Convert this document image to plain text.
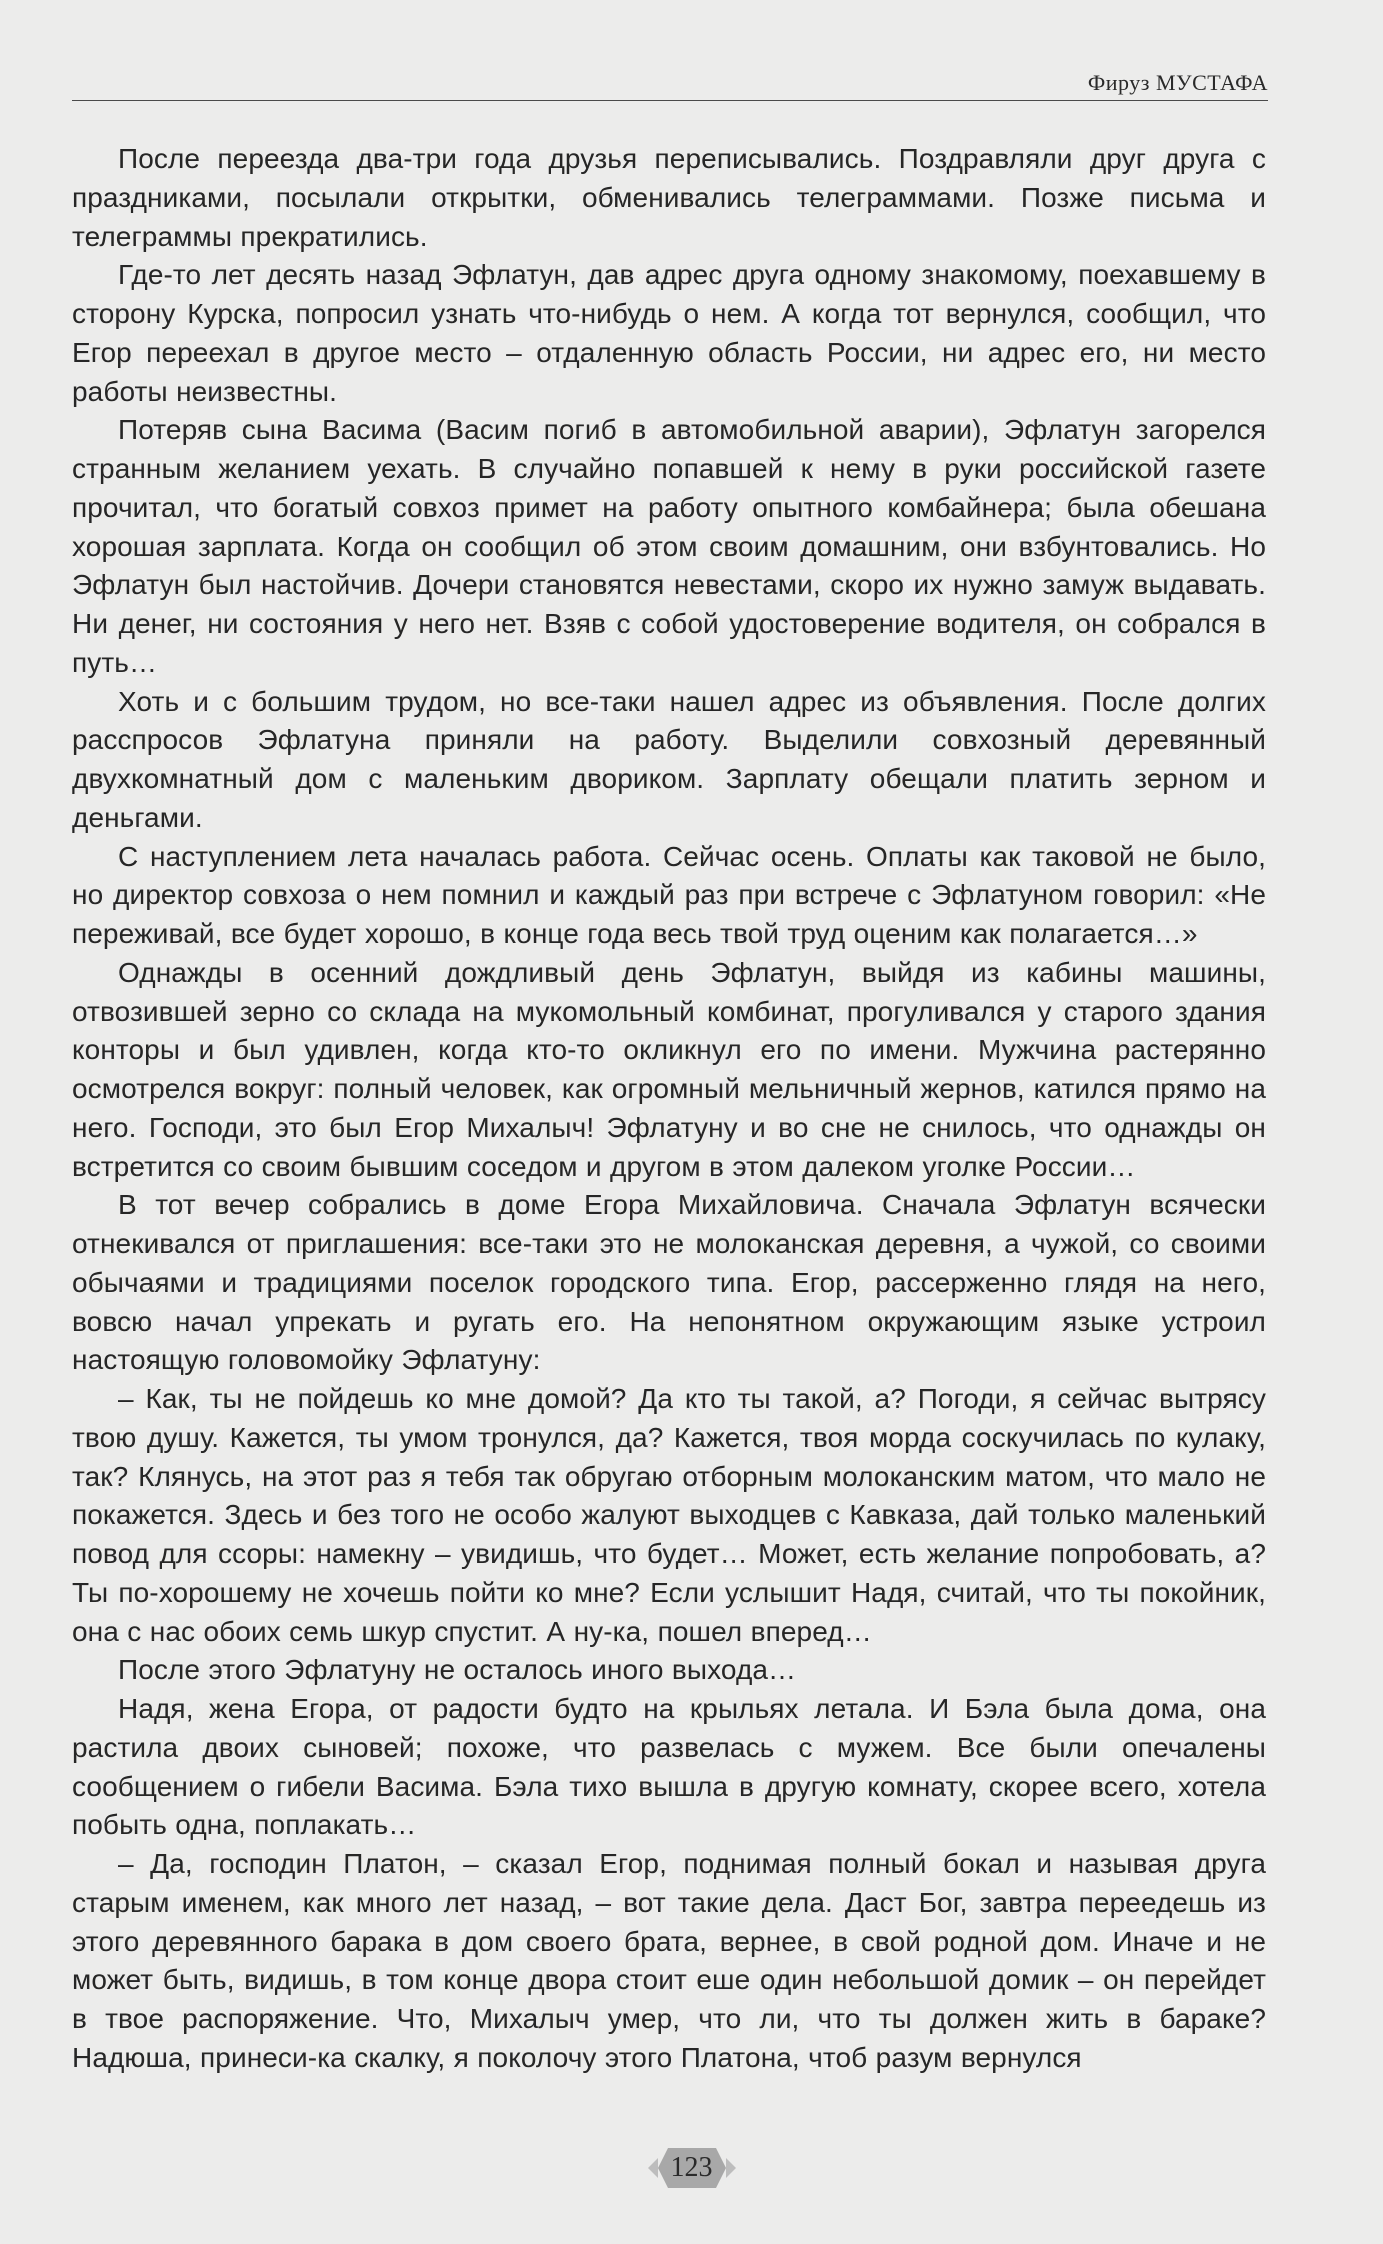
Фируз МУСТАФА

После переезда два-три года друзья переписывались. Поздравляли друг друга с праздниками, посылали открытки, обменивались телеграммами. Позже письма и телеграммы прекратились.

Где-то лет десять назад Эфлатун, дав адрес друга одному знакомому, поехавшему в сторону Курска, попросил узнать что-нибудь о нем. А когда тот вернулся, сообщил, что Егор переехал в другое место – отдаленную область России, ни адрес его, ни место работы неизвестны.

Потеряв сына Васима (Васим погиб в автомобильной аварии), Эфлатун загорелся странным желанием уехать. В случайно попавшей к нему в руки российской газете прочитал, что богатый совхоз примет на работу опытного комбайнера; была обешана хорошая зарплата. Когда он сообщил об этом своим домашним, они взбунтовались. Но Эфлатун был настойчив. Дочери становятся невестами, скоро их нужно замуж выдавать. Ни денег, ни состояния у него нет. Взяв с собой удостоверение водителя, он собрался в путь…

Хоть и с большим трудом, но все-таки нашел адрес из объявления. После долгих расспросов Эфлатуна приняли на работу. Выделили совхозный деревянный двухкомнатный дом с маленьким двориком. Зарплату обещали платить зерном и деньгами.

С наступлением лета началась работа. Сейчас осень. Оплаты как таковой не было, но директор совхоза о нем помнил и каждый раз при встрече с Эфлатуном говорил: «Не переживай, все будет хорошо, в конце года весь твой труд оценим как полагается…»

Однажды в осенний дождливый день Эфлатун, выйдя из кабины машины, отвозившей зерно со склада на мукомольный комбинат, прогуливался у старого здания конторы и был удивлен, когда кто-то окликнул его по имени. Мужчина растерянно осмотрелся вокруг: полный человек, как огромный мельничный жернов, катился прямо на него. Господи, это был Егор Михалыч! Эфлатуну и во сне не снилось, что однажды он встретится со своим бывшим соседом и другом в этом далеком уголке России…

В тот вечер собрались в доме Егора Михайловича. Сначала Эфлатун всячески отнекивался от приглашения: все-таки это не молоканская деревня, а чужой, со своими обычаями и традициями поселок городского типа. Егор, рассерженно глядя на него, вовсю начал упрекать и ругать его. На непонятном окружающим языке устроил настоящую головомойку Эфлатуну:

– Как, ты не пойдешь ко мне домой? Да кто ты такой, а? Погоди, я сейчас вытрясу твою душу. Кажется, ты умом тронулся, да? Кажется, твоя морда соскучилась по кулаку, так? Клянусь, на этот раз я тебя так обругаю отборным молоканским матом, что мало не покажется. Здесь и без того не особо жалуют выходцев с Кавказа, дай только маленький повод для ссоры: намекну – увидишь, что будет… Может, есть желание попробовать, а? Ты по-хорошему не хочешь пойти ко мне? Если услышит Надя, считай, что ты покойник, она с нас обоих семь шкур спустит. А ну-ка, пошел вперед…

После этого Эфлатуну не осталось иного выхода…

Надя, жена Егора, от радости будто на крыльях летала. И Бэла была дома, она растила двоих сыновей; похоже, что развелась с мужем. Все были опечалены сообщением о гибели Васима. Бэла тихо вышла в другую комнату, скорее всего, хотела побыть одна, поплакать…

– Да, господин Платон, – сказал Егор, поднимая полный бокал и называя друга старым именем, как много лет назад, – вот такие дела. Даст Бог, завтра переедешь из этого деревянного барака в дом своего брата, вернее, в свой родной дом. Иначе и не может быть, видишь, в том конце двора стоит еше один небольшой домик – он перейдет в твое распоряжение. Что, Михалыч умер, что ли, что ты должен жить в бараке? Надюша, принеси-ка скалку, я поколочу этого Платона, чтоб разум вернулся

123
